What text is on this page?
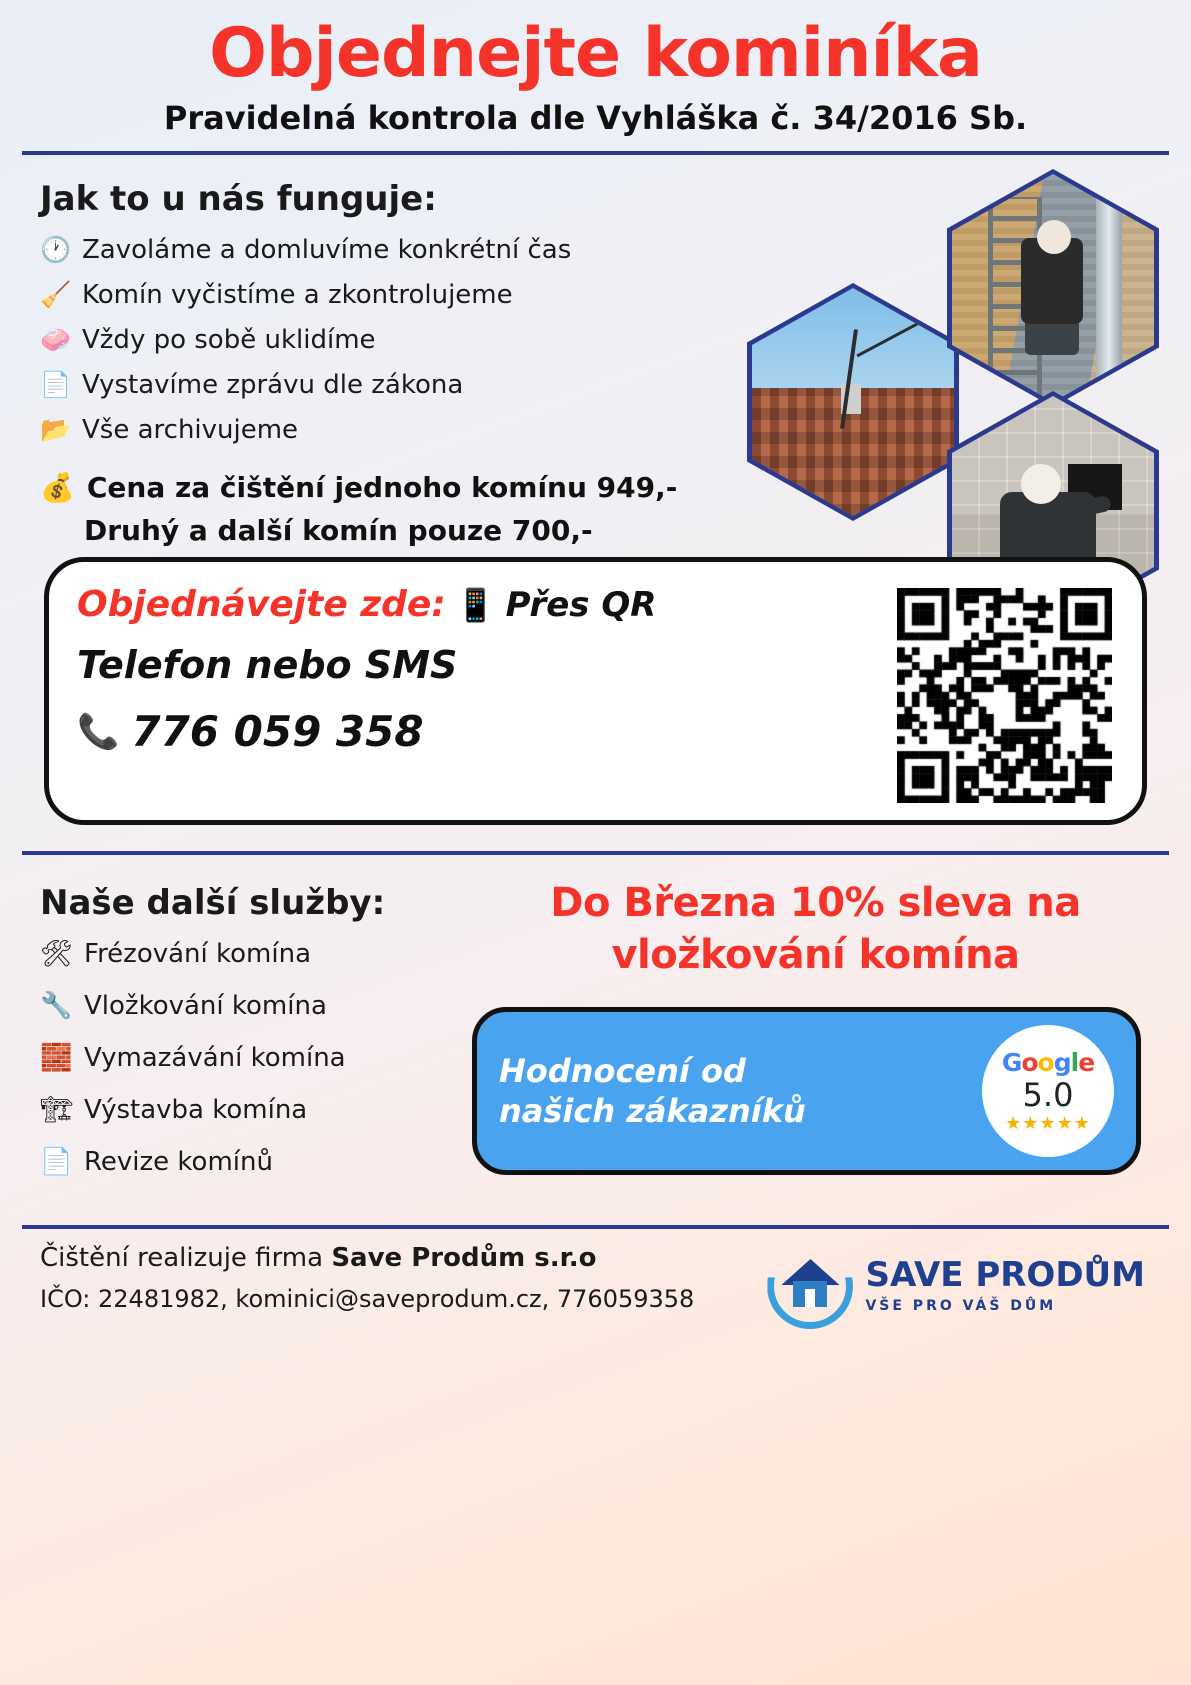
Objednejte kominíka
Pravidelná kontrola dle Vyhláška č. 34/2016 Sb.
Jak to u nás funguje:
🕐 Zavoláme a domluvíme konkrétní čas
🧹 Komín vyčistíme a zkontrolujeme
🧼 Vždy po sobě uklidíme
📄 Vystavíme zprávu dle zákona
📂 Vše archivujeme
💰 Cena za čištění jednoho komínu 949,-
Druhý a další komín pouze 700,-
Objednávejte zde: 📱 Přes QR
Telefon nebo SMS
📞 776 059 358
Naše další služby:
🛠 Frézování komína
🔧 Vložkování komína
🧱 Vymazávání komína
🏗 Výstavba komína
📄 Revize komínů
Do Března 10% sleva na
vložkování komína
Hodnocení od
našich zákazníků
Google
5.0
★★★★★
Čištění realizuje firma Save Prodům s.r.o
IČO: 22481982, kominici@saveprodum.cz, 776059358
SAVE PRODŮM
VŠE PRO VÁŠ DŮM
